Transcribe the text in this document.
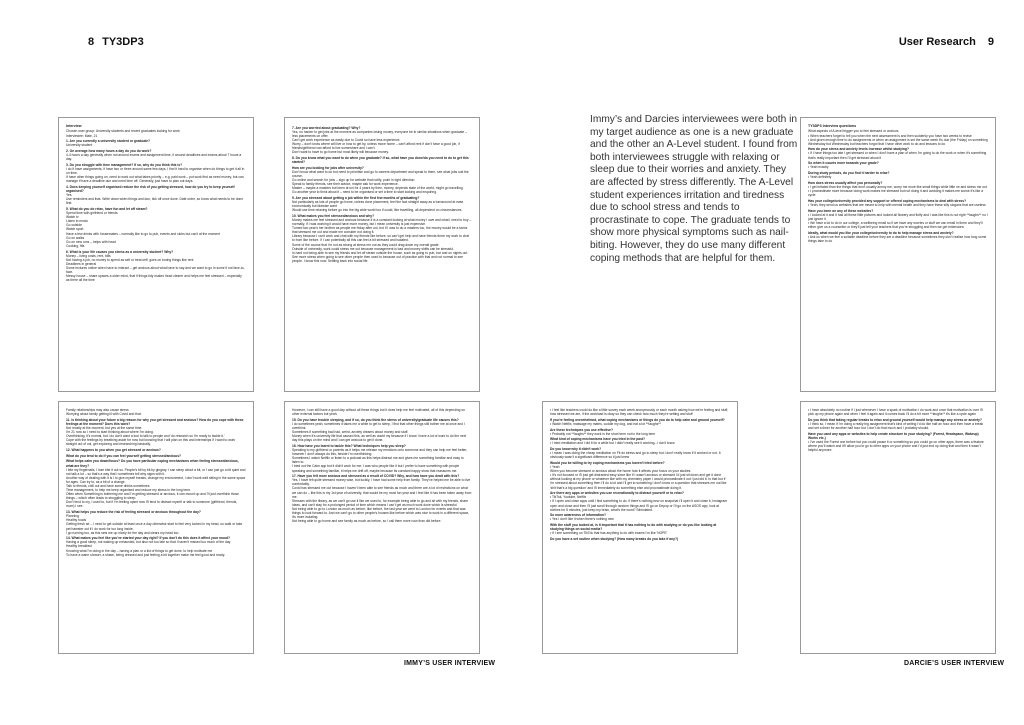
8 TY3DP3	User Research 9
Interview
Chosen user group: University students and recent graduates looking for work
Interviewee: Male, 21
1. Are you currently a university student or graduate?
University student
2. On average how many hours a day do you do work?
4-4 hours a day generally when not around exams and assignment time, if around deadlines and exams about 7 hours a day.
3. Do you struggle with time management? If so, why do you think this is?
I do if have assignments, if have two or three around same few days, I find it hard to organise when do things to get it all in on time.
If have other things going on, need to work out what takes priority – e.g. paid work – put work first as need money, but can manage if have a deadline due and need time off. Generally, just have to plan out days.
4. Does keeping yourself organised reduce the risk of you getting stressed, how do you try to keep yourself organised?
Yes.
Use reminders and lists. Write down when things and due, tick off once done. Date order, so know what needs to be done first.
5. What do you do relax, have fun and let off steam?
Spend time with girlfriend or friends
Watch tv
Listen to music
Go outside
Watch sport
Have a few drinks with housemates – normally like to go to pub, events and clubs but can't at the moment
Go on walks
Go on new runs – helps with head
Cooking, fifa
6. What is your life causes you stress as a university student? Why?
Money – living costs, rent, bills
Not having a job, no money to spend as self or treat self, goes on boring things like rent
Deadlines in general
Some lectures online when have to interact – get anxious about what have to say and we want to go in some if not face-to-face.
Messy house – share spaces a older mind, that if things tidy makes head clearer and helps me feel stressed – especially as there all the time
7. Are you worried about graduating? Why?
Yes, no harder to get jobs at the moment as companies losing money, everyone be in similar situations when graduate – less placements on offer.
Can't get work experience as easily due to Covid so have less experience.
Worry – don't know where will live or how to get by, unless move home – can't afford rent if don't have a good job, if friends/girlfriend can afford to live somewhere and I can't.
Don't want to have to go home but most likely will because money.
8. Do you know what you want to do when you graduate? If so, what have you done/do you need to do to get this started?
How are you looking for jobs after university?
Don't know what want to do but need to prioritise and go to careers department and speak to them, see what jobs suit the course.
Go online and search for jobs – sign up for website that notify, point in right direction.
Speak to family friends, see their advice, maybe ask for work experience.
Master – maybe a masters but been at uni for 4 years by then, money, depends state of the world, might go travelling.
Go another year to think about it – need to be organised or set a time to start looking and enquiring.
9. Are you stressed about getting a job within the first few months of graduating?
Not particularly as lots of people go home, unless done placement, feel the fact straight away as a turnaround at ease economically but likewise want
Would use time relaxing before go into the big wide world too if could, like travelling, all dependent on circumstances.
10. What makes you feel stressed/anxious and why?
Money makes me feel stressed and anxious because it is a constant looking at what money I owe and what I need to buy – normally, if I was working it would have more money, but I mean university is just expensive.
Turned two year's her brother as people me friday after uni, but if I was to do a masters too, the money would be a factor that stressed me out and made me consider not doing it.
Library because I can't work and chat with my friends like before, so can't get help and have friends there my work to chat to from like before. If I can potentially all this can feel a bit stressed and isolated.
Some of the course that I'm not as strong at stress me out as they could drag down my overall grade.
Outside of university, work could stress me out because management is bad and money shifts can be stressful.
In hard not being able to see my friends and let off steam outside the house, such as going to pub, bar and on nights out.
See more stress when going to see other people then used to because out of practice with that and not normal to see people. I know this now. Settling back into social life
Family relationships may also cause stress
Worrying about family getting ill with Covid and that.
11. Is thinking about your future a big reason for why you get stressed and anxious? How do you cope with these feelings at the moment? Does this work?
Not mostly at the moment, but yes at the same time.
I'm 21 now so I need to start thinking about where I'm doing.
Overthinking, it's normal, but I do don't want a tool to talk to people and 'do research so I'm ready to tackle it.'
Cope with the feelings by breathing aside for now but knowing that I will plan on this and internships if I want to work straight out of uni, get exploring and researching basically.
12. What happens to you when you get stressed or anxious?
What do you tend to do if you can feel yourself getting stressed/anxious?
What helps calm you down/focus? Do you have particular coping mechanisms when feeling stressed/anxious, what are they?
I bite my fingernails, I lose bite it out so. People's bit by bit by gingray. I can sleep about a bit, or I can just go a bit quiet and not talk a lot – so that's a way that I sometimes tell why signs with it.
Another way of dealing with it is I to give myself breaks, change my environment, I don't work well sitting in the same space for ages. Can try to, as a bit of a change.
Talk to friends, chill out and have some drinks sometimes.
Time management, to help me keep organised and reduce my stress in the long term.
Often when Something is bothering me and I'm getting stressed or anxious, it can mount up and I'll just overthink those things – which often leads to struggling to sleep.
Don't tend to cry, I used to, but if I'm feeling upset now I'll tend to distract myself or talk to someone (girlfriend, friends, mum) I see.
13. What helps you reduce the risk of feeling stressed or anxious throughout the day?
Planning
Healthy foods
Getting fresh air – I need to get outside at least once a day otherwise start to feel very locked in my head, so walk or take pet hamster out if I do work for too long inside.
I go running too, as this sets me up nicely for the day and clears my head too.
14. What makes you feel like you've started your day right? If you don't do this does it affect your mood?
Having a good sleep, not waking up exhausted, but also not too late so that I haven't missed too much of the day.
Healthy breakfast
Knowing what I'm doing in the day – having a plan or a list of things to get done, to help motivate me
To have a warm shower, a shave, being dressed and just feeling a bit together make me feel good and ready.
However, I can still have a good day without all these things but it does help me feel motivated, all of this depending on other external factors but yeah.
15. Do you have trouble sleeping, and if so, do you think the stress of university/graduate life causes this?
I do sometimes yeah, sometimes it takes me a while to get to sleep, I find that other things still bother me at once and I overthink.
Sometimes if something bad had, weird, anxiety dreams about money and stuff.
Money when it's university life that caused this, as well as doubt my because if I know I have a lot of work to do the next day this plays on the mind and I can get anxious to get it done.
16. How have you learnt to tackle this? What techniques help you sleep?
Speaking to my girlfriend or parents as it helps me release my emotions onto someone and they can help me feel better, however I don't always do this, beside I'm overthinking.
Sometimes I watch Netflix or listen to a podcast as this helps distract me and gives me something familiar and easy to listen to.
I tried out the Calm app but it didn't work for me, I was who people like it but I prefer to have something with people speaking and something familiar, it helps me drift off, maybe because its constant happy show that reassures me.
17. Have you felt more anxious and stressed as a result of COVID? Why, and how have you dealt with this?
Yes, I have felt quite stressed money wise, but luckily, I have had some help from family. They've helped me be able to live comfortably.
Covid has stressed me out because I haven't been able to see friends as much and there are a lot of restrictions on what we can do – like this is my 1st year of university, that would be my most fun year and I feel like it has been taken away from me.
Stresses with the library, as we can't go use it like we used to, for example being able to go and sit with my friends, share ideas, and can't stay for a prolonged period of time which means I can't get as much work done which is stressful.
Not being able to go to London as much as before, like before, the last year we went to London for events and that was things to look forward to. And we can't go to other people's houses like before which was nice to work in a different space, it's more isolating.
Not being able to go home and see family as much as before, so I call them more now than did before.
Immy’s and Darcies interviewees were both in my target audience as one is a new graduate and the other an A-Level student. I found from both interviewees struggle with relaxing or sleep due to their worries and anxiety. They are affected by stress differently. The A-Level student experiences irritation and tiredness due to school stress and tends to procrastinate to cope. The graduate tends to show more physical symptoms such as nail-biting. However, they do use many different coping methods that are helpful for them.
TY3DP3 Interview questions
What aspects of A-level trigger you to feel stressed or anxious
• When teachers forget to tell you when the next assessment is and then suddenly you have two weeks to revise
• And given enough time to do assignments or when an assignment is set the same week it's due (the Friday) on something Wednesday but Wednesday but teachers forgot that I have other work to do and lessons to do
How do your stress and anxiety levels increase whilst studying?
• If I have things too late I get stressed or when I don't have a plan of when I'm going to do the work or when it's something that's really important then I'll get stressed about it
So when it counts more towards your grade?
• Yeah exactly
During study periods, do you find it harder to relax?
• Yeah definitely
How does stress usually affect you personally?
• I get irritated than the things that don't usually annoy me, worry me more like small things while little ne and stress me out
• I procrastinate more because doing work makes me stressed but not doing it and avoiding it makes me worse it's like a cycle
Has your college/university provided any support or offered coping mechanisms to deal with stress?
• Yeah, they send us websites that are meant to help with mental health and they have these silly slogans that are useless
Have you been on any of these websites?
• I looked at it and it had all these little pictures and looked all flowery and fluffy and I was like this is not right **laughs** no I just ignore it
• We have a lot to do in our college, a wellbeing email so if we have any worries or stuff we can email in there and they'll either give us a counsellor or they'll just tell your teachers that you're struggling and then we get extensions
Ideally, what would you like your college/university to do to help manage stress and anxiety?
• Ask us when we feel a suitable deadline before they set a deadline because sometimes they don't realise how long some things take to do
• I feel like teachers could do like a little survey each week anonymously or each month asking how we're feeling and stuff, how stressed we are, if the workload is okay so they can check how much they're setting and stuff
If you're feeling overwhelmed, what coping mechanisms or things do you do to help calm and ground yourself?
• Watch Netflix, massage my mates, cuddle my dog, and eat a lot **laughs**
Are these techniques you use effective?
• Probably not **laughs** they work in the short term not in the long term
What kind of coping mechanisms have you tried in the past?
• I tried meditation and I did it for a while but I didn't really see it working...I don't know
Do you know why it didn't work?
• I mean I was doing the cheap meditation on Fit do stress and go to sleep but I don't really know if it worked or not. It obviously wasn't a significant difference so it just knew
Would you be willing to try coping mechanisms you haven't tried before?
• Yeah
When you become stressed or anxious about the home how it affects your focus on your studies.
• It's not focused or I'll just get distracted easy since like if I wasn't anxious or stressed I'd just sit down and get it done without looking at my phone or whatever like with my chemistry paper I would procrastinate it out I just did it. Is that but if I'm stressed about something then I'll do a lot and I'll get to something I don't know or a question that stresses me out like 'shit that's a big question' and I'll immediately do something else and procrastinate doing it.
Are there any apps or websites you use recreationally to distract yourself or to relax?
• TikTok, Youtube, Netflix
• If I open and close apps until I find something to do, if there's nothing new on snapchat I'll open it and close it, Instagram open and close and then I'll just scroll through random things and I'll go on Depop or I'll go on the ASOS app, look at clothes for 5 minutes, just keep my brain, what's the word? Stimulated.
So more awareness of information?
• Yes I don't like it when there's nothing new
With the stuff you looked at, is it important that it has nothing to do with studying or do you like looking at studying things on social media?
• If I see something on TikTok that has anything to do with exams I'm like 'NOPE'
Do you have a set routine when studying? (How many breaks do you take if any?)
• I have absolutely no routine if I just whenever I have a spark of motivation I do work and once that motivation is over I'll pick up my phone again and when I feel it again and it comes back I'll do a bit more **laughs** it's like a cycle again
Do you think that taking regular breaks to relax and ground yourself would help manage any stress or anxiety?
• I think so, I mean if I'm doing a really big assignment that's kind of writing I'd do like half an hour and then have a break and set a timer for another half hour but I don't do that much and I probably should.
Have you used any apps or websites to help create structure to your studying? (Forest, Headspace, Wakeup) Works etc.)
• I've used the Forest one before but you could pause it or something so you could go on other apps, there was a feature where you'll watch and it'll allow you to go to other apps on your phone and I'd just end up doing that and then it wasn't helpful anymore.
IMMY’S USER INTERVIEW	DARCIE’S USER INTERVIEW
